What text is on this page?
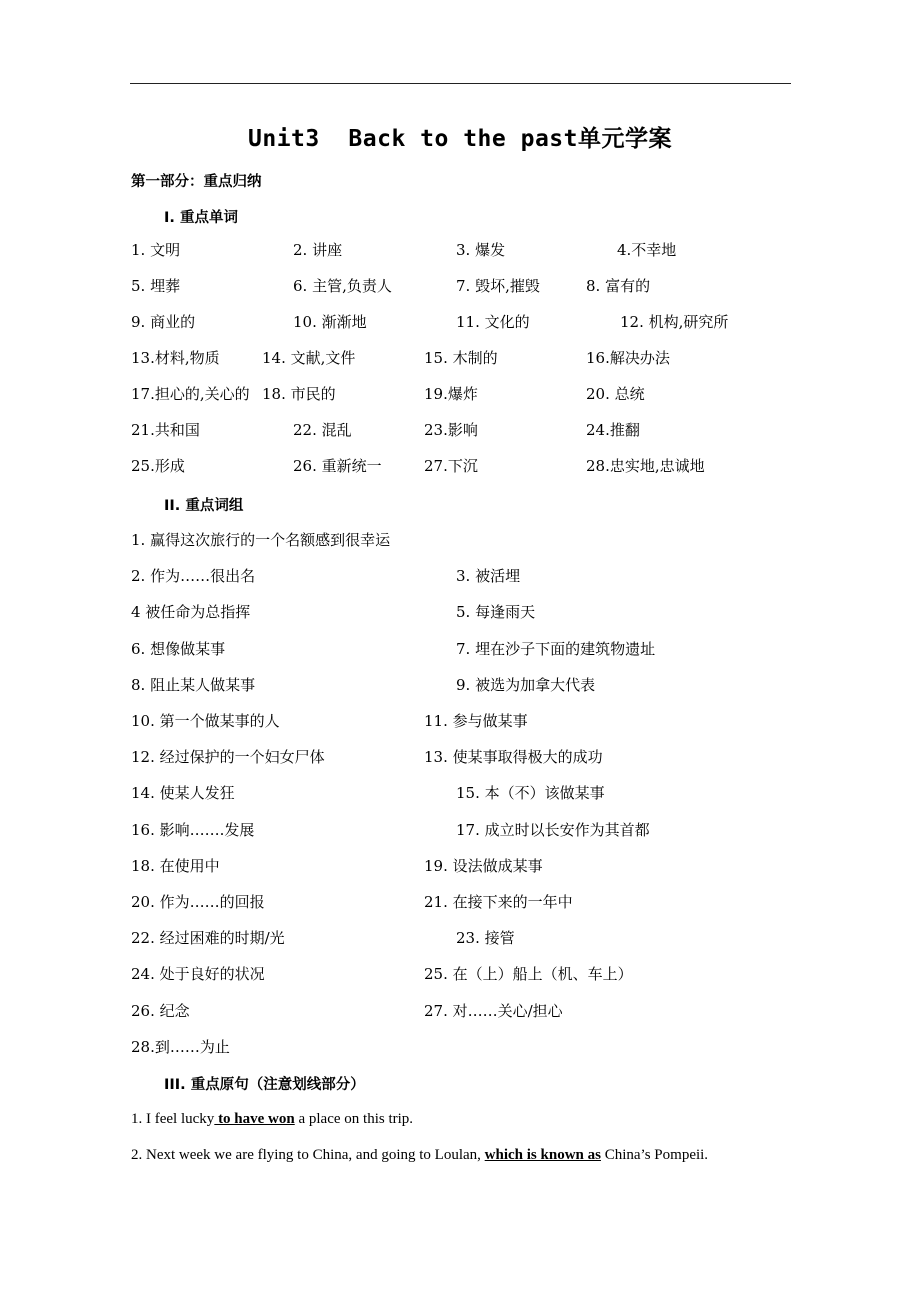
Unit3  Back to the past单元学案
第一部分：重点归纳
I. 重点单词
1. 文明	2. 讲座	3. 爆发	4.不幸地
5. 埋葬	6. 主管,负责人	7. 毁坏,摧毁	8. 富有的
9. 商业的	10. 渐渐地	11. 文化的	12. 机构,研究所
13.材料,物质	14. 文献,文件	15. 木制的	16.解决办法
17.担心的,关心的 18. 市民的	19.爆炸	20. 总统
21.共和国	22. 混乱	23.影响	24.推翻
25.形成	26. 重新统一	27.下沉	28.忠实地,忠诚地
II. 重点词组
1. 赢得这次旅行的一个名额感到很幸运
2. 作为……很出名	3. 被活埋
4 被任命为总指挥	5. 每逢雨天
6. 想像做某事	7. 埋在沙子下面的建筑物遗址
8. 阻止某人做某事	9. 被选为加拿大代表
10. 第一个做某事的人	11. 参与做某事
12. 经过保护的一个妇女尸体	13. 使某事取得极大的成功
14. 使某人发狂	15. 本（不）该做某事
16. 影响…….发展	17. 成立时以长安作为其首都
18. 在使用中	19. 设法做成某事
20. 作为……的回报	21. 在接下来的一年中
22. 经过困难的时期/光	23. 接管
24. 处于良好的状况	25. 在（上）船上（机、车上）
26. 纪念	27. 对……关心/担心
28.到……为止
III. 重点原句（注意划线部分）
1. I feel lucky to have won a place on this trip.
2. Next week we are flying to China, and going to Loulan, which is known as China’s Pompeii.
